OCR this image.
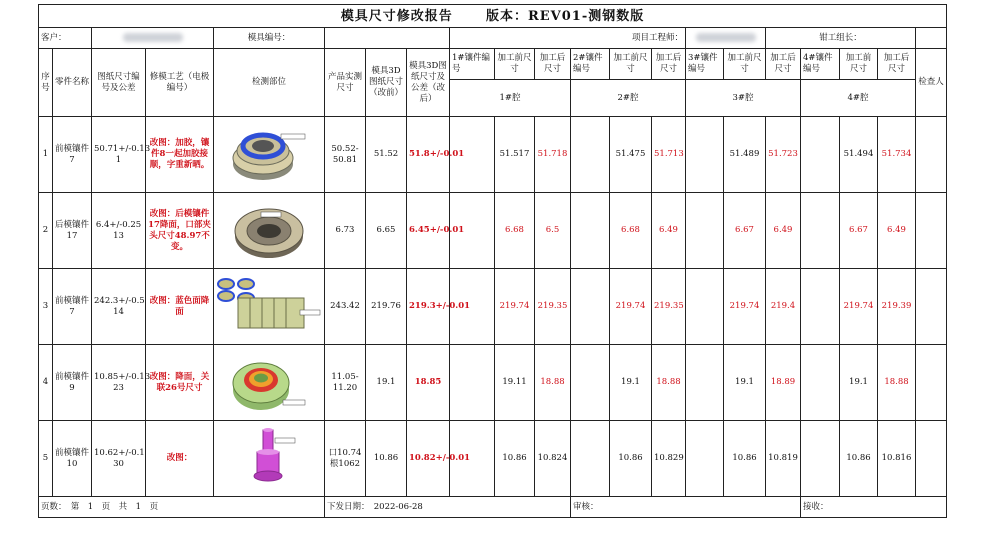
模具尺寸修改报告 版本：REV01-测钢数版																				
客户：				模具编号：				项目工程师：								钳工组长：				
序号	零件名称	图纸尺寸编号及公差	修模工艺（电极编号）	检测部位	产品实测尺寸	模具3D图纸尺寸（改前）	模具3D图纸尺寸及公差（改后）	1#镶件编号	加工前尺寸	加工后尺寸	2#镶件编号	加工前尺寸	加工后尺寸	3#镶件编号	加工前尺寸	加工后尺寸	4#镶件编号	加工前尺寸	加工后尺寸	检查人
								1#腔			2#腔			3#腔			4#腔			
1	前模镶件7	50.71+/-0.13 1	改图：加胶，镶件8一起加胶接顺，字重新晒。		50.52-50.81	51.52	51.8+/-0.01		51.517	51.718		51.475	51.713		51.489	51.723		51.494	51.734	
2	后模镶件17	6.4+/-0.25 13	改图：后模镶件17降面，口部夹头尺寸48.97不变。		6.73	6.65	6.45+/-0.01		6.68	6.5		6.68	6.49		6.67	6.49		6.67	6.49	
3	前模镶件7	242.3+/-0.5 14	改图：蓝色面降面		243.42	219.76	219.3+/-0.01		219.74	219.35		219.74	219.35		219.74	219.4		219.74	219.39	
4	前模镶件9	10.85+/-0.13 23	改图：降面，关联26号尺寸		11.05-11.20	19.1	18.85		19.11	18.88		19.1	18.88		19.1	18.89		19.1	18.88	
5	前模镶件10	10.62+/-0.1 30	改图：		口10.74 根1062	10.86	10.82+/-0.01		10.86	10.824		10.86	10.829		10.86	10.819		10.86	10.816	
页数：　第　1　页　共　1　页					下发日期：　2022-06-28						审核：						接收：			
